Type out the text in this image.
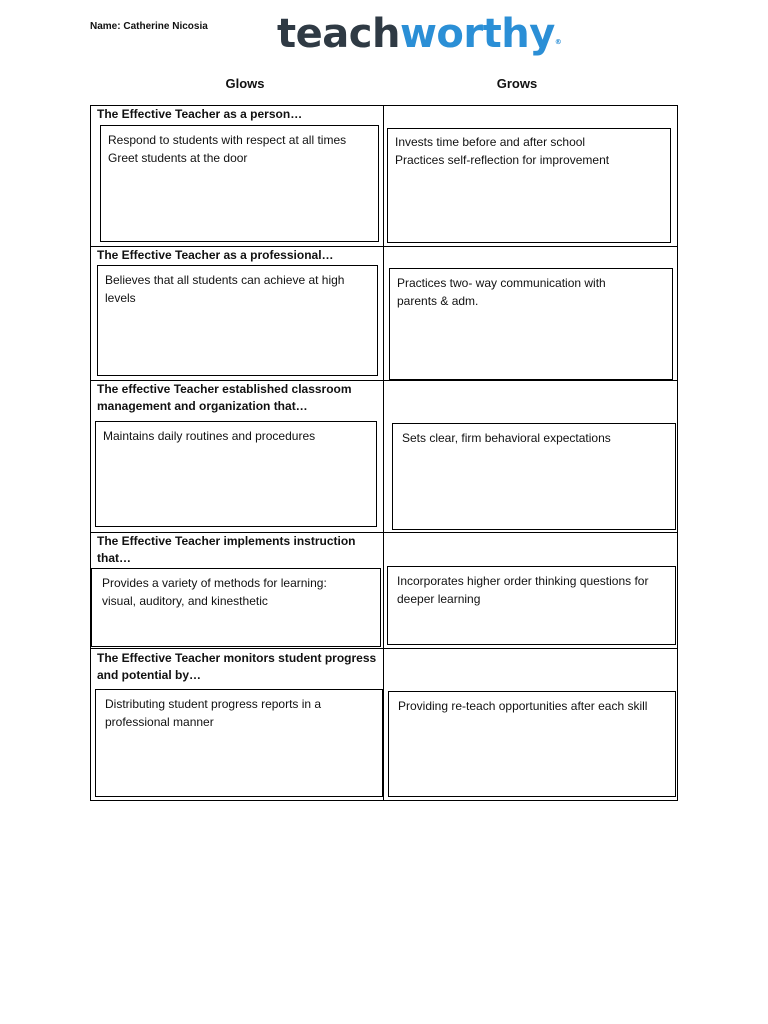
Name: Catherine Nicosia teachworthy®
Glows	Grows
The Effective Teacher as a person…
Respond to students with respect at all times
Greet students at the door
Invests time before and after school
Practices self-reflection for improvement
The Effective Teacher as a professional…
Believes that all students can achieve at high levels
Practices two- way communication with parents & adm.
The effective Teacher established classroom management and organization that…
Maintains daily routines and procedures	Sets clear, firm behavioral expectations
The Effective Teacher implements instruction that…
Provides a variety of methods for learning: visual, auditory, and kinesthetic
Incorporates higher order thinking questions for deeper learning
The Effective Teacher monitors student progress and potential by…
Distributing student progress reports in a professional manner
Providing re-teach opportunities after each skill
